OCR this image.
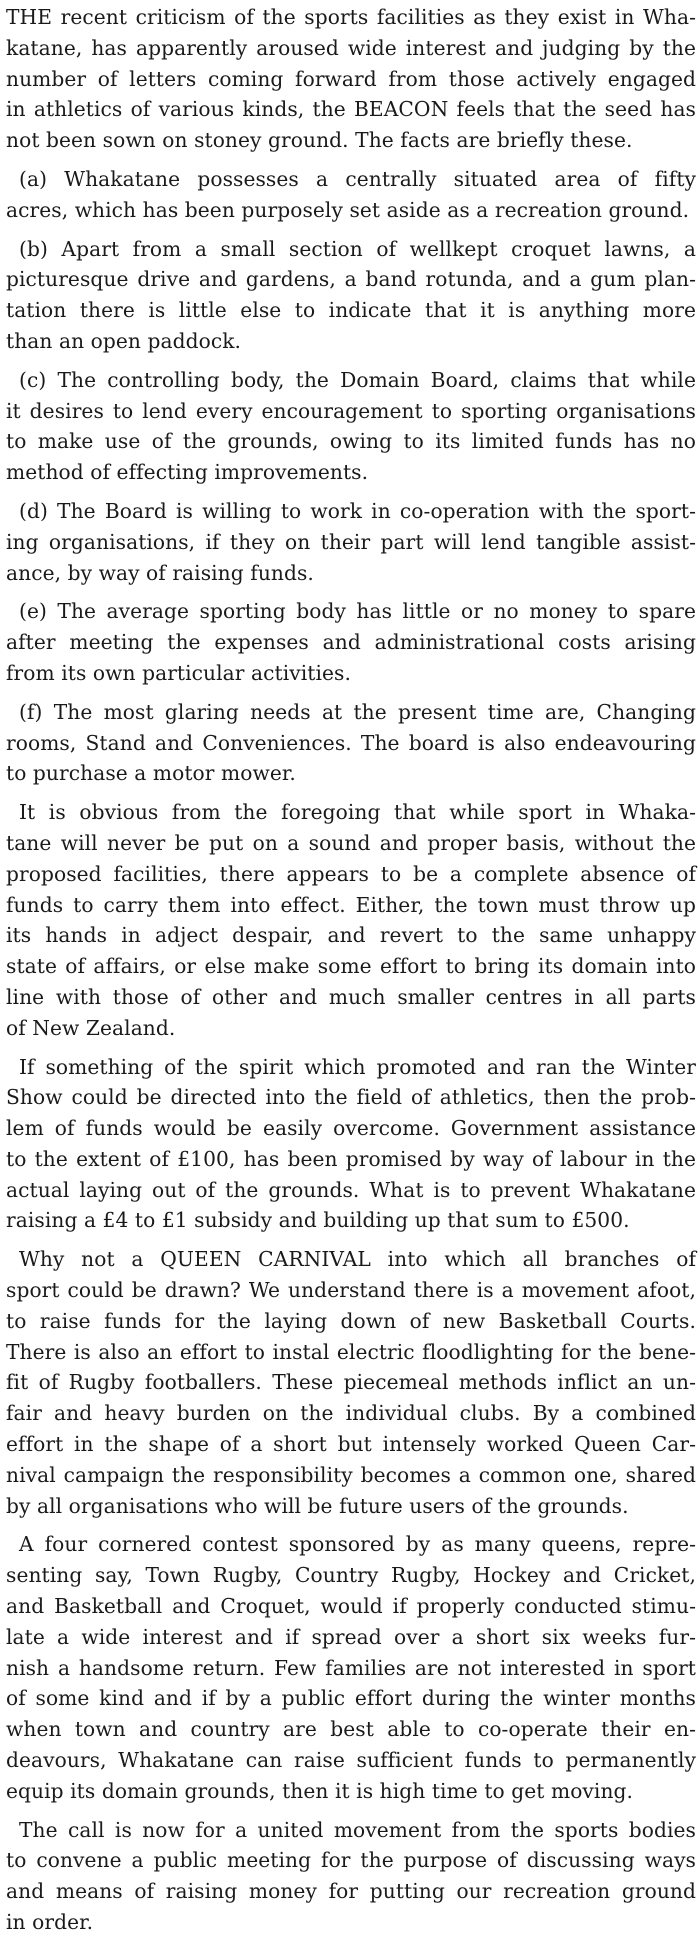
THE recent criticism of the sports facilities as they exist in Wha-
katane, has apparently aroused wide interest and judging by the
number of letters coming forward from those actively engaged
in athletics of various kinds, the BEACON feels that the seed has
not been sown on stoney ground. The facts are briefly these.
(a) Whakatane possesses a centrally situated area of fifty
acres, which has been purposely set aside as a recreation ground.
(b) Apart from a small section of wellkept croquet lawns, a
picturesque drive and gardens, a band rotunda, and a gum plan-
tation there is little else to indicate that it is anything more
than an open paddock.
(c) The controlling body, the Domain Board, claims that while
it desires to lend every encouragement to sporting organisations
to make use of the grounds, owing to its limited funds has no
method of effecting improvements.
(d) The Board is willing to work in co-operation with the sport-
ing organisations, if they on their part will lend tangible assist-
ance, by way of raising funds.
(e) The average sporting body has little or no money to spare
after meeting the expenses and administrational costs arising
from its own particular activities.
(f) The most glaring needs at the present time are, Changing
rooms, Stand and Conveniences. The board is also endeavouring
to purchase a motor mower.
It is obvious from the foregoing that while sport in Whaka-
tane will never be put on a sound and proper basis, without the
proposed facilities, there appears to be a complete absence of
funds to carry them into effect. Either, the town must throw up
its hands in adject despair, and revert to the same unhappy
state of affairs, or else make some effort to bring its domain into
line with those of other and much smaller centres in all parts
of New Zealand.
If something of the spirit which promoted and ran the Winter
Show could be directed into the field of athletics, then the prob-
lem of funds would be easily overcome. Government assistance
to the extent of £100, has been promised by way of labour in the
actual laying out of the grounds. What is to prevent Whakatane
raising a £4 to £1 subsidy and building up that sum to £500.
Why not a QUEEN CARNIVAL into which all branches of
sport could be drawn? We understand there is a movement afoot,
to raise funds for the laying down of new Basketball Courts.
There is also an effort to instal electric floodlighting for the bene-
fit of Rugby footballers. These piecemeal methods inflict an un-
fair and heavy burden on the individual clubs. By a combined
effort in the shape of a short but intensely worked Queen Car-
nival campaign the responsibility becomes a common one, shared
by all organisations who will be future users of the grounds.
A four cornered contest sponsored by as many queens, repre-
senting say, Town Rugby, Country Rugby, Hockey and Cricket,
and Basketball and Croquet, would if properly conducted stimu-
late a wide interest and if spread over a short six weeks fur-
nish a handsome return. Few families are not interested in sport
of some kind and if by a public effort during the winter months
when town and country are best able to co-operate their en-
deavours, Whakatane can raise sufficient funds to permanently
equip its domain grounds, then it is high time to get moving.
The call is now for a united movement from the sports bodies
to convene a public meeting for the purpose of discussing ways
and means of raising money for putting our recreation ground
in order.
